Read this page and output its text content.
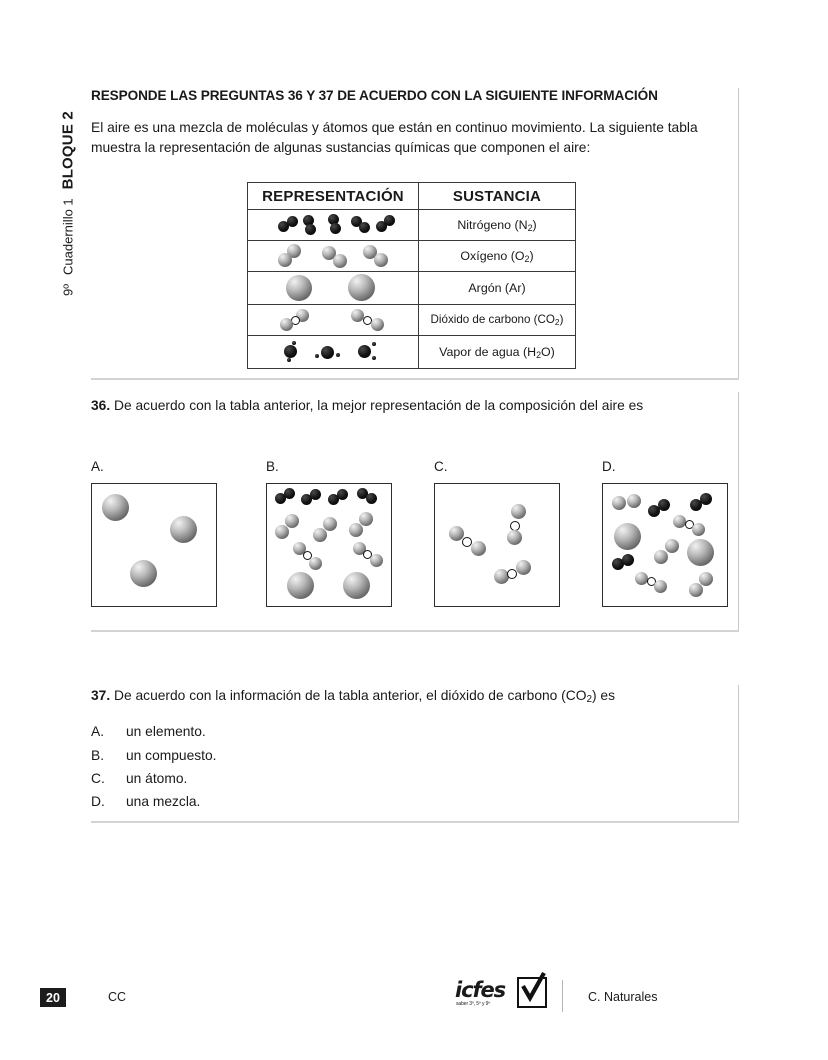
9º
Cuadernillo 1
BLOQUE 2
RESPONDE LAS PREGUNTAS 36 Y 37 DE ACUERDO CON LA SIGUIENTE INFORMACIÓN
El aire es una mezcla de moléculas y átomos que están en continuo movimiento. La siguiente tabla muestra la representación de algunas sustancias químicas que componen el aire:
REPRESENTACIÓN	SUSTANCIA

	Nitrógeno $(N_2)$

	Oxígeno $(O_2)$

	Argón (Ar)

	Dióxido de carbono $(CO_2)$

	Vapor de agua $(H_2O)$
36. De acuerdo con la tabla anterior, la mejor representación de la composición del aire es
A.	B.	C.	D.
37. De acuerdo con la información de la tabla anterior, el dióxido de carbono $(CO_2)$ es
A. un elemento.
B. un compuesto.
C. un átomo.
D. una mezcla.
20	CC	icfes
saber 3º, 5º y 9º	C. Naturales
